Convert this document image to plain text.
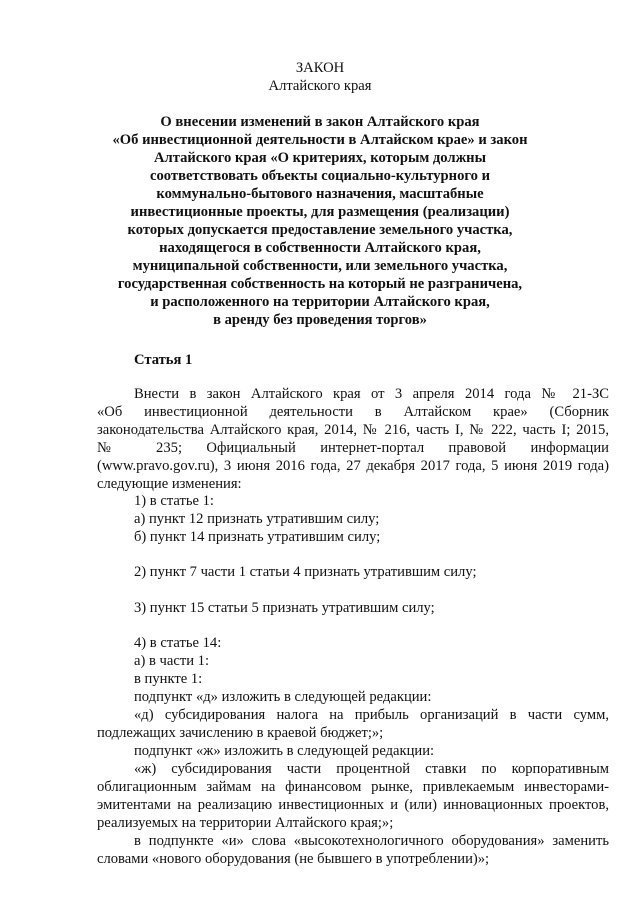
ЗАКОН
Алтайского края
О внесении изменений в закон Алтайского края
«Об инвестиционной деятельности в Алтайском крае» и закон
Алтайского края «О критериях, которым должны
соответствовать объекты социально-культурного и
коммунально-бытового назначения, масштабные
инвестиционные проекты, для размещения (реализации)
которых допускается предоставление земельного участка,
находящегося в собственности Алтайского края,
муниципальной собственности, или земельного участка,
государственная собственность на который не разграничена,
и расположенного на территории Алтайского края,
в аренду без проведения торгов»
Статья 1
Внести в закон Алтайского края от 3 апреля 2014 года № 21-ЗС
«Об инвестиционной деятельности в Алтайском крае» (Сборник
законодательства Алтайского края, 2014, № 216, часть I, № 222, часть I; 2015,
№ 235; Официальный интернет-портал правовой информации
(www.pravo.gov.ru), 3 июня 2016 года, 27 декабря 2017 года, 5 июня 2019 года)
следующие изменения:
1) в статье 1:
а) пункт 12 признать утратившим силу;
б) пункт 14 признать утратившим силу;
2) пункт 7 части 1 статьи 4 признать утратившим силу;
3) пункт 15 статьи 5 признать утратившим силу;
4) в статье 14:
а) в части 1:
в пункте 1:
подпункт «д» изложить в следующей редакции:
«д) субсидирования налога на прибыль организаций в части сумм,
подлежащих зачислению в краевой бюджет;»;
подпункт «ж» изложить в следующей редакции:
«ж) субсидирования части процентной ставки по корпоративным
облигационным займам на финансовом рынке, привлекаемым инвесторами-
эмитентами на реализацию инвестиционных и (или) инновационных проектов,
реализуемых на территории Алтайского края;»;
в подпункте «и» слова «высокотехнологичного оборудования» заменить
словами «нового оборудования (не бывшего в употреблении)»;
